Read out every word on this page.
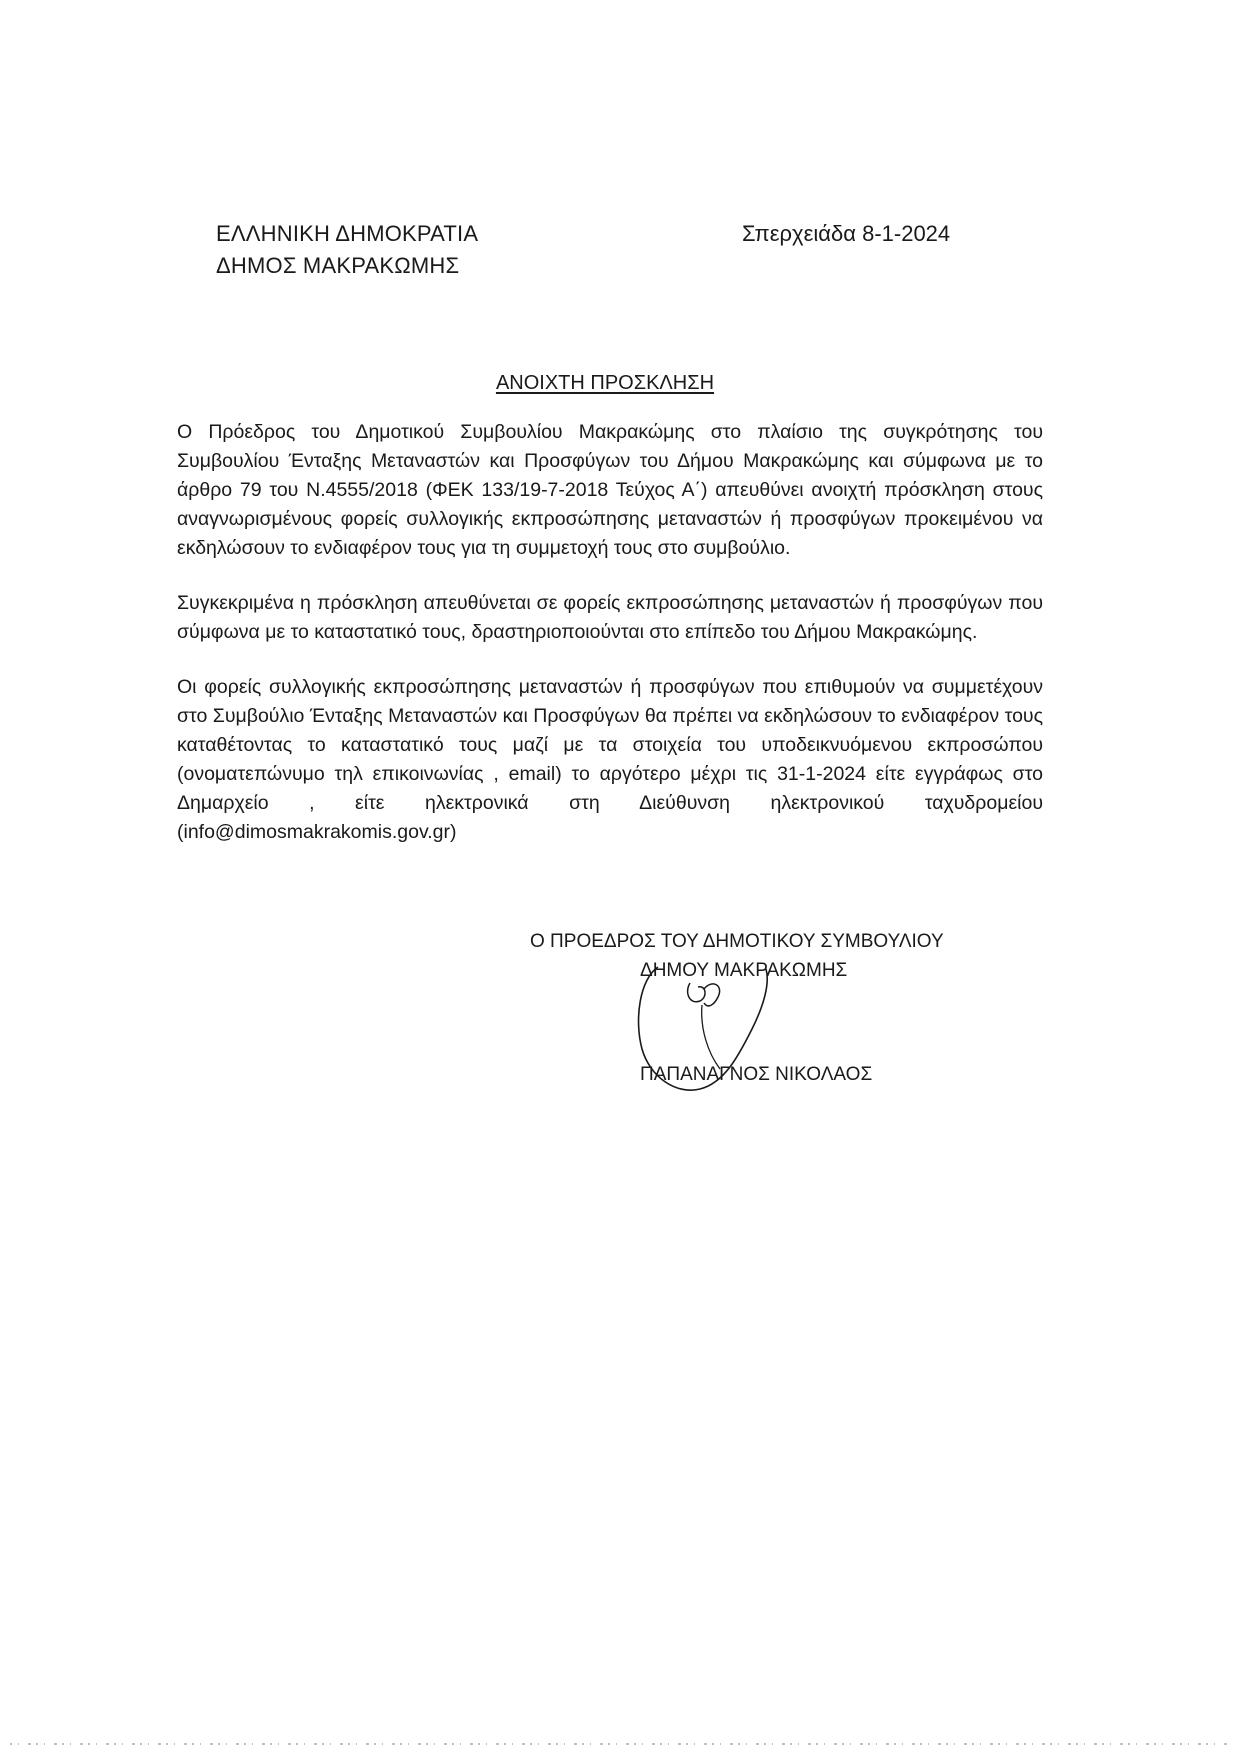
ΕΛΛΗΝΙΚΗ ΔΗΜΟΚΡΑΤΙΑ
ΔΗΜΟΣ ΜΑΚΡΑΚΩΜΗΣ
Σπερχειάδα 8-1-2024
ΑΝΟΙΧΤΗ ΠΡΟΣΚΛΗΣΗ

Ο Πρόεδρος του Δημοτικού Συμβουλίου Μακρακώμης στο πλαίσιο της συγκρότησης του Συμβουλίου Ένταξης Μεταναστών και Προσφύγων του Δήμου Μακρακώμης και σύμφωνα με το άρθρο 79 του Ν.4555/2018 (ΦΕΚ 133/19-7-2018 Τεύχος Α΄) απευθύνει ανοιχτή πρόσκληση στους αναγνωρισμένους φορείς συλλογικής εκπροσώπησης μεταναστών ή προσφύγων προκειμένου να εκδηλώσουν το ενδιαφέρον τους για τη συμμετοχή τους στο συμβούλιο.

Συγκεκριμένα η πρόσκληση απευθύνεται σε φορείς εκπροσώπησης μεταναστών ή προσφύγων που σύμφωνα με το καταστατικό τους, δραστηριοποιούνται στο επίπεδο του Δήμου Μακρακώμης.

Οι φορείς συλλογικής εκπροσώπησης μεταναστών ή προσφύγων που επιθυμούν να συμμετέχουν στο Συμβούλιο Ένταξης Μεταναστών και Προσφύγων θα πρέπει να εκδηλώσουν το ενδιαφέρον τους καταθέτοντας το καταστατικό τους μαζί με τα στοιχεία του υποδεικνυόμενου εκπροσώπου (ονοματεπώνυμο τηλ επικοινωνίας , email) το αργότερο μέχρι τις 31-1-2024 είτε εγγράφως στο Δημαρχείο , είτε ηλεκτρονικά στη Διεύθυνση ηλεκτρονικού ταχυδρομείου (info@dimosmakrakomis.gov.gr)

Ο ΠΡΟΕΔΡΟΣ ΤΟΥ ΔΗΜΟΤΙΚΟΥ ΣΥΜΒΟΥΛΙΟΥ
ΔΗΜΟΥ ΜΑΚΡΑΚΩΜΗΣ
ΠΑΠΑΝΑΓΝΟΣ ΝΙΚΟΛΑΟΣ
